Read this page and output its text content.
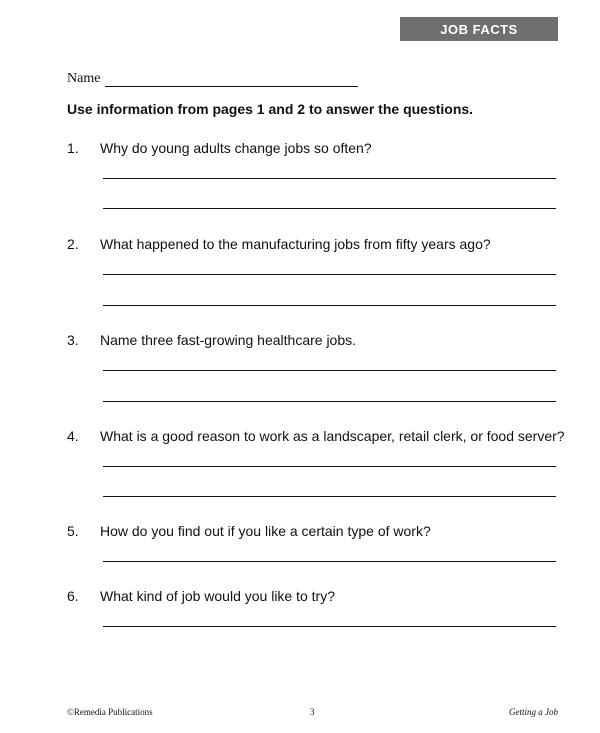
JOB FACTS
Name
Use information from pages 1 and 2 to answer the questions.
1.	Why do young adults change jobs so often?
2.	What happened to the manufacturing jobs from fifty years ago?
3.	Name three fast-growing healthcare jobs.
4.	What is a good reason to work as a landscaper, retail clerk, or food server?
5.	How do you find out if you like a certain type of work?
6.	What kind of job would you like to try?
©Remedia Publications	3	Getting a Job
